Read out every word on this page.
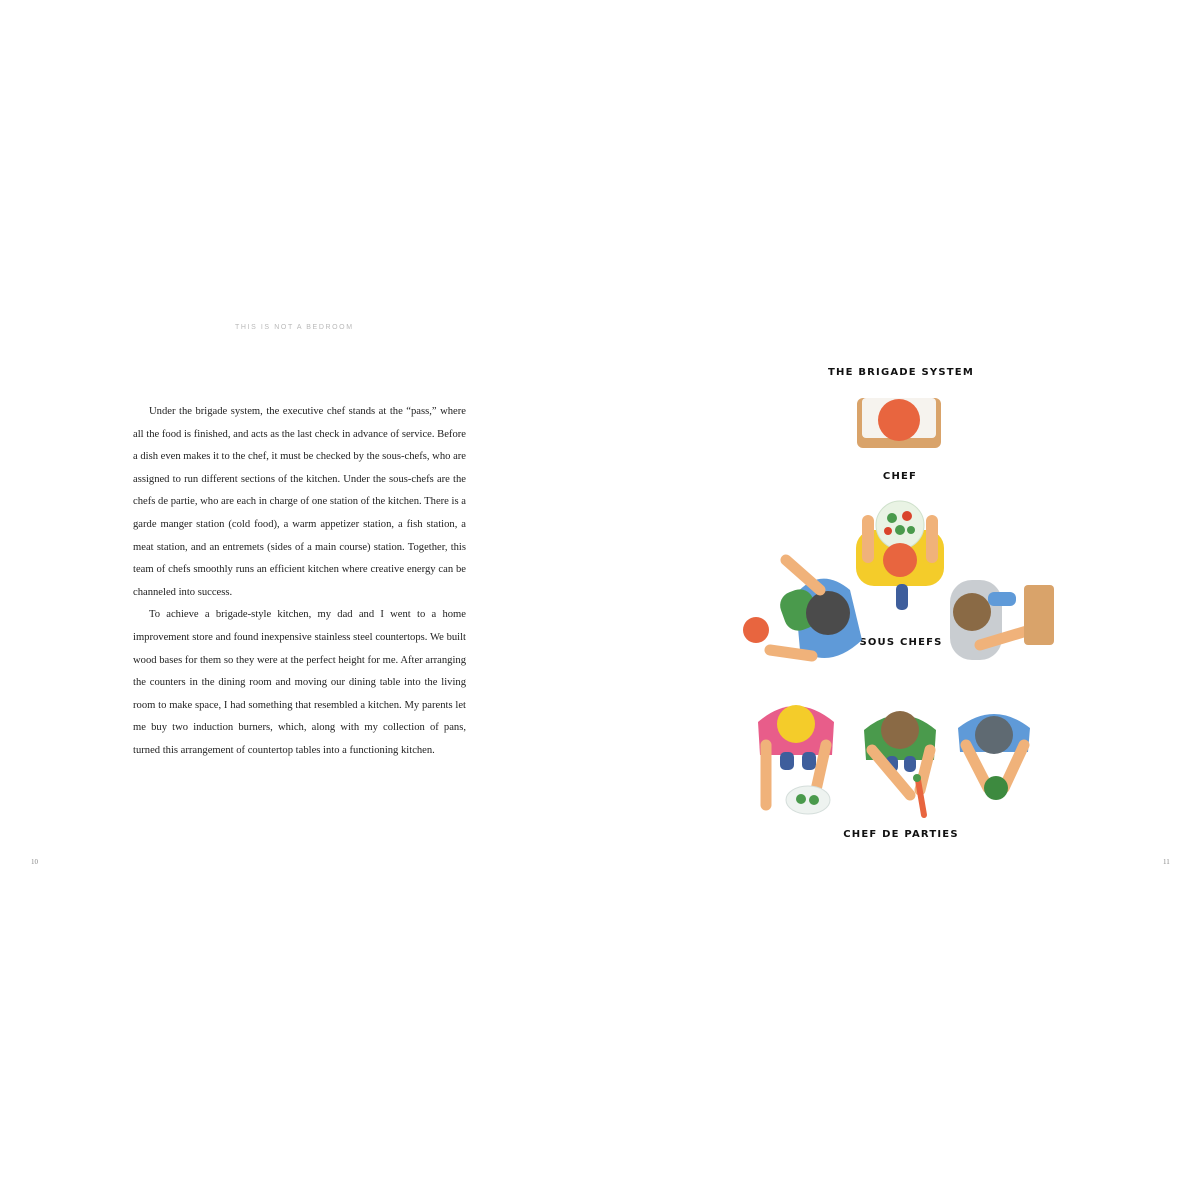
THIS IS NOT A BEDROOM

Under the brigade system, the executive chef stands at the “pass,” where all the food is finished, and acts as the last check in advance of service. Before a dish even makes it to the chef, it must be checked by the sous-chefs, who are assigned to run different sections of the kitchen. Under the sous-chefs are the chefs de partie, who are each in charge of one station of the kitchen. There is a garde manger station (cold food), a warm appetizer station, a fish station, a meat station, and an entremets (sides of a main course) station. Together, this team of chefs smoothly runs an efficient kitchen where creative energy can be channeled into success.

To achieve a brigade-style kitchen, my dad and I went to a home improvement store and found inexpensive stainless steel countertops. We built wood bases for them so they were at the perfect height for me. After arranging the counters in the dining room and moving our dining table into the living room to make space, I had something that resembled a kitchen. My parents let me buy two induction burners, which, along with my collection of pans, turned this arrangement of countertop tables into a functioning kitchen.

10	11
THE BRIGADE SYSTEM
CHEF
SOUS CHEFS
CHEF DE PARTIES
